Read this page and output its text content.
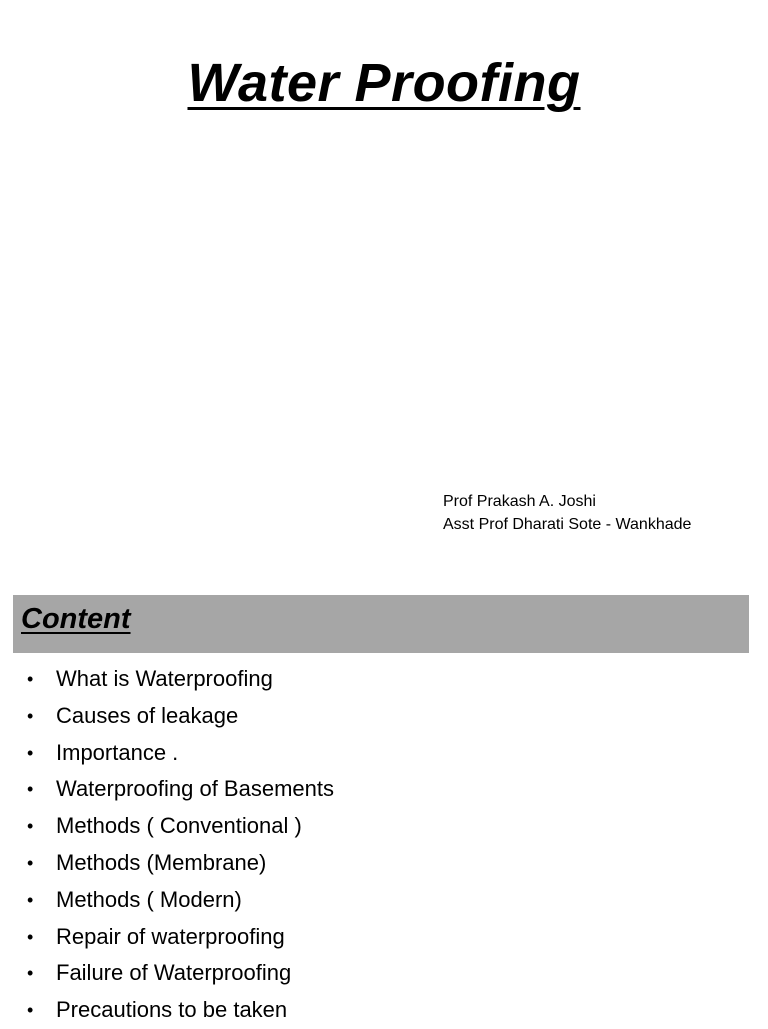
Water Proofing
Prof Prakash A. Joshi
Asst Prof Dharati Sote - Wankhade
Content
• What is Waterproofing
• Causes of leakage
• Importance .
• Waterproofing of Basements
• Methods ( Conventional )
• Methods (Membrane)
• Methods ( Modern)
• Repair of waterproofing
• Failure of Waterproofing
• Precautions to be taken
